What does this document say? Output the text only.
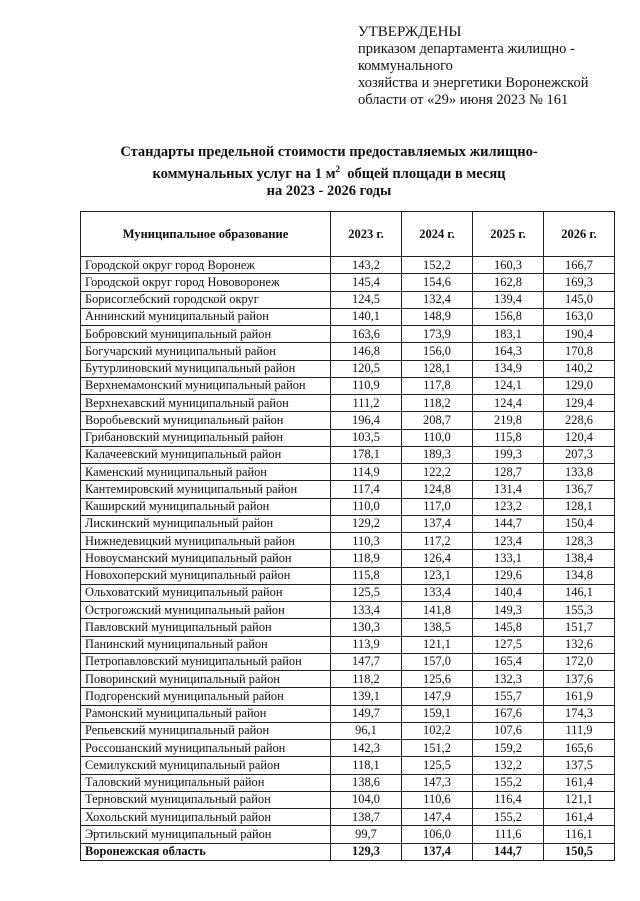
УТВЕРЖДЕНЫ
приказом департамента жилищно -
коммунального
хозяйства и энергетики Воронежской
области от «29» июня 2023 № 161
Стандарты предельной стоимости предоставляемых жилищно-
коммунальных услуг на 1 $м^2$  общей площади в месяц
на 2023 - 2026 годы
Муниципальное образование	2023 г.	2024 г.	2025 г.	2026 г.
Городской округ город Воронеж	143,2	152,2	160,3	166,7
Городской округ город Нововоронеж	145,4	154,6	162,8	169,3
Борисоглебский городской округ	124,5	132,4	139,4	145,0
Аннинский муниципальный район	140,1	148,9	156,8	163,0
Бобровский муниципальный район	163,6	173,9	183,1	190,4
Богучарский муниципальный район	146,8	156,0	164,3	170,8
Бутурлиновский муниципальный район	120,5	128,1	134,9	140,2
Верхнемамонский муниципальный район	110,9	117,8	124,1	129,0
Верхнехавский муниципальный район	111,2	118,2	124,4	129,4
Воробьевский муниципальный район	196,4	208,7	219,8	228,6
Грибановский муниципальный район	103,5	110,0	115,8	120,4
Калачеевский муниципальный район	178,1	189,3	199,3	207,3
Каменский муниципальный район	114,9	122,2	128,7	133,8
Кантемировский муниципальный район	117,4	124,8	131,4	136,7
Каширский муниципальный район	110,0	117,0	123,2	128,1
Лискинский муниципальный район	129,2	137,4	144,7	150,4
Нижнедевицкий муниципальный район	110,3	117,2	123,4	128,3
Новоусманский муниципальный район	118,9	126,4	133,1	138,4
Новохоперский муниципальный район	115,8	123,1	129,6	134,8
Ольховатский муниципальный район	125,5	133,4	140,4	146,1
Острогожский муниципальный район	133,4	141,8	149,3	155,3
Павловский муниципальный район	130,3	138,5	145,8	151,7
Панинский муниципальный район	113,9	121,1	127,5	132,6
Петропавловский муниципальный район	147,7	157,0	165,4	172,0
Поворинский муниципальный район	118,2	125,6	132,3	137,6
Подгоренский муниципальный район	139,1	147,9	155,7	161,9
Рамонский муниципальный район	149,7	159,1	167,6	174,3
Репьевский муниципальный район	96,1	102,2	107,6	111,9
Россошанский муниципальный район	142,3	151,2	159,2	165,6
Семилукский муниципальный район	118,1	125,5	132,2	137,5
Таловский муниципальный район	138,6	147,3	155,2	161,4
Терновский муниципальный район	104,0	110,6	116,4	121,1
Хохольский муниципальный район	138,7	147,4	155,2	161,4
Эртильский муниципальный район	99,7	106,0	111,6	116,1
Воронежская область	129,3	137,4	144,7	150,5
